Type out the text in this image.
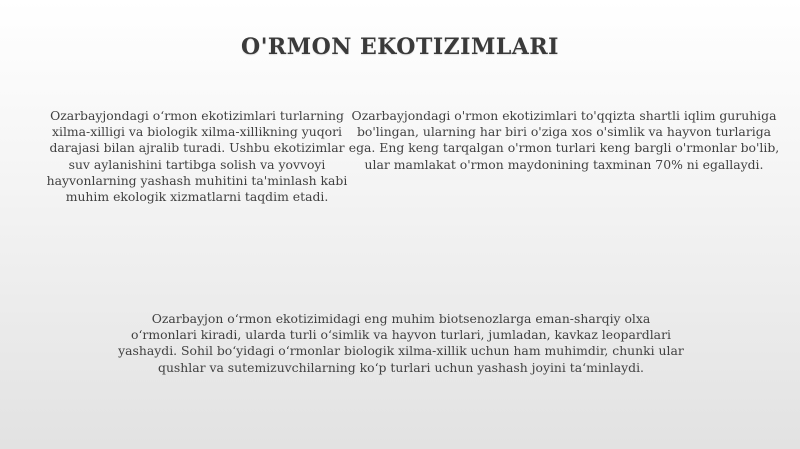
O'RMON EKOTIZIMLARI
Ozarbayjondagi o‘rmon ekotizimlari turlarning xilma-xilligi va biologik xilma-xillikning yuqori darajasi bilan ajralib turadi. Ushbu ekotizimlar suv aylanishini tartibga solish va yovvoyi hayvonlarning yashash muhitini ta'minlash kabi muhim ekologik xizmatlarni taqdim etadi.
Ozarbayjondagi o'rmon ekotizimlari to'qqizta shartli iqlim guruhiga bo'lingan, ularning har biri o'ziga xos o'simlik va hayvon turlariga ega. Eng keng tarqalgan o'rmon turlari keng bargli o'rmonlar bo'lib, ular mamlakat o'rmon maydonining taxminan 70% ni egallaydi.
Ozarbayjon o‘rmon ekotizimidagi eng muhim biotsenozlarga eman-sharqiy olxa o‘rmonlari kiradi, ularda turli o‘simlik va hayvon turlari, jumladan, kavkaz leopardlari yashaydi. Sohil bo‘yidagi o‘rmonlar biologik xilma-xillik uchun ham muhimdir, chunki ular qushlar va sutemizuvchilarning ko‘p turlari uchun yashash joyini ta‘minlaydi.
